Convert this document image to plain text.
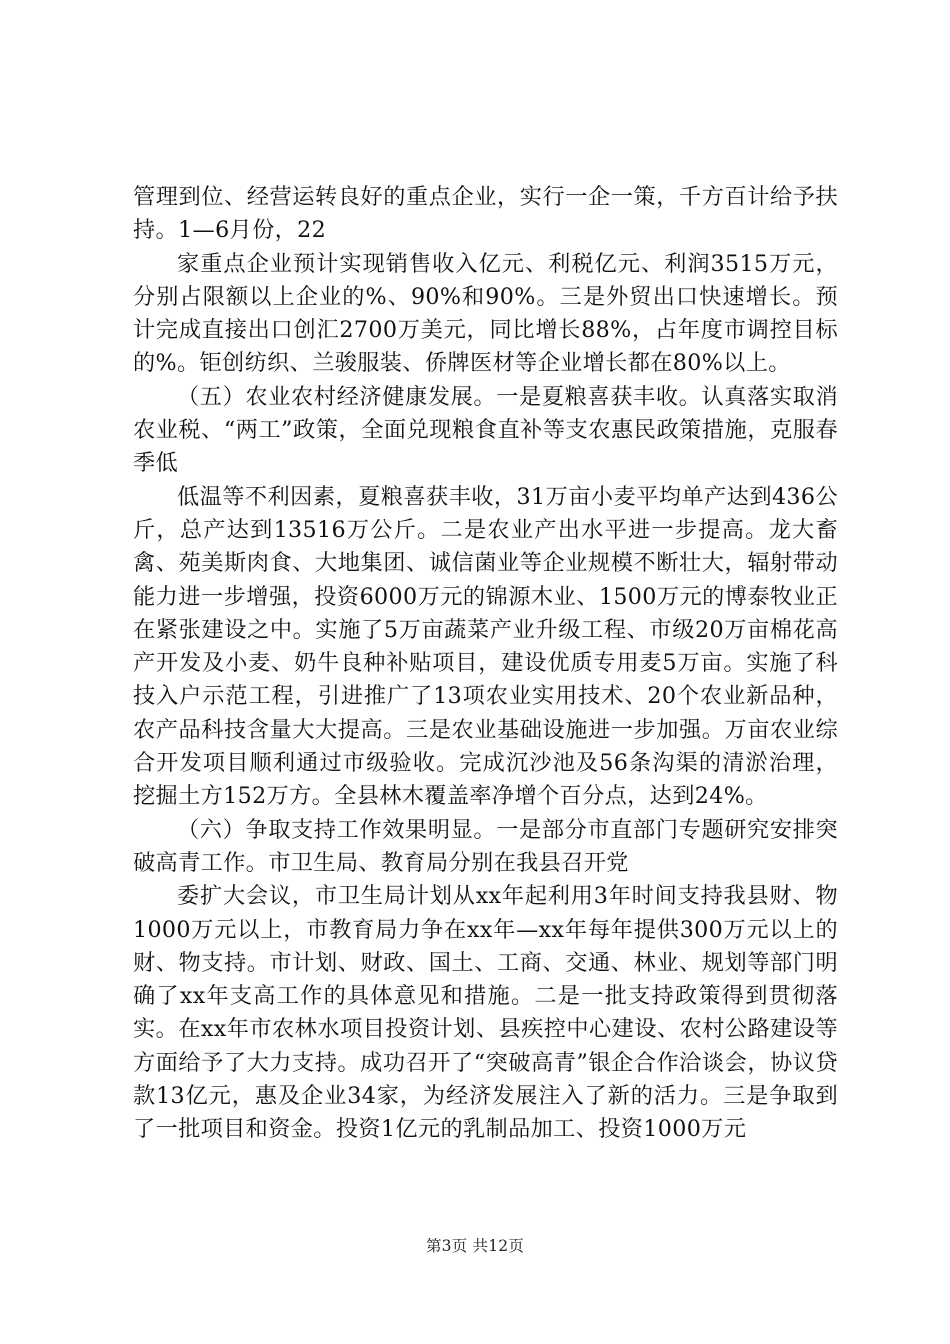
管理到位、经营运转良好的重点企业，实行一企一策，千方百计给予扶持。1—6月份，22

家重点企业预计实现销售收入亿元、利税亿元、利润3515万元，分别占限额以上企业的%、90%和90%。三是外贸出口快速增长。预计完成直接出口创汇2700万美元，同比增长88%，占年度市调控目标的%。钜创纺织、兰骏服装、侨牌医材等企业增长都在80%以上。

（五）农业农村经济健康发展。一是夏粮喜获丰收。认真落实取消农业税、“两工”政策，全面兑现粮食直补等支农惠民政策措施，克服春季低

低温等不利因素，夏粮喜获丰收，31万亩小麦平均单产达到436公斤，总产达到13516万公斤。二是农业产出水平进一步提高。龙大畜禽、苑美斯肉食、大地集团、诚信菌业等企业规模不断壮大，辐射带动能力进一步增强，投资6000万元的锦源木业、1500万元的博泰牧业正在紧张建设之中。实施了5万亩蔬菜产业升级工程、市级20万亩棉花高产开发及小麦、奶牛良种补贴项目，建设优质专用麦5万亩。实施了科技入户示范工程，引进推广了13项农业实用技术、20个农业新品种，农产品科技含量大大提高。三是农业基础设施进一步加强。万亩农业综合开发项目顺利通过市级验收。完成沉沙池及56条沟渠的清淤治理，挖掘土方152万方。全县林木覆盖率净增个百分点，达到24%。

（六）争取支持工作效果明显。一是部分市直部门专题研究安排突破高青工作。市卫生局、教育局分别在我县召开党

委扩大会议，市卫生局计划从xx年起利用3年时间支持我县财、物1000万元以上，市教育局力争在xx年—xx年每年提供300万元以上的财、物支持。市计划、财政、国土、工商、交通、林业、规划等部门明确了xx年支高工作的具体意见和措施。二是一批支持政策得到贯彻落实。在xx年市农林水项目投资计划、县疾控中心建设、农村公路建设等方面给予了大力支持。成功召开了“突破高青”银企合作洽谈会，协议贷款13亿元，惠及企业34家，为经济发展注入了新的活力。三是争取到了一批项目和资金。投资1亿元的乳制品加工、投资1000万元

第3页 共12页
